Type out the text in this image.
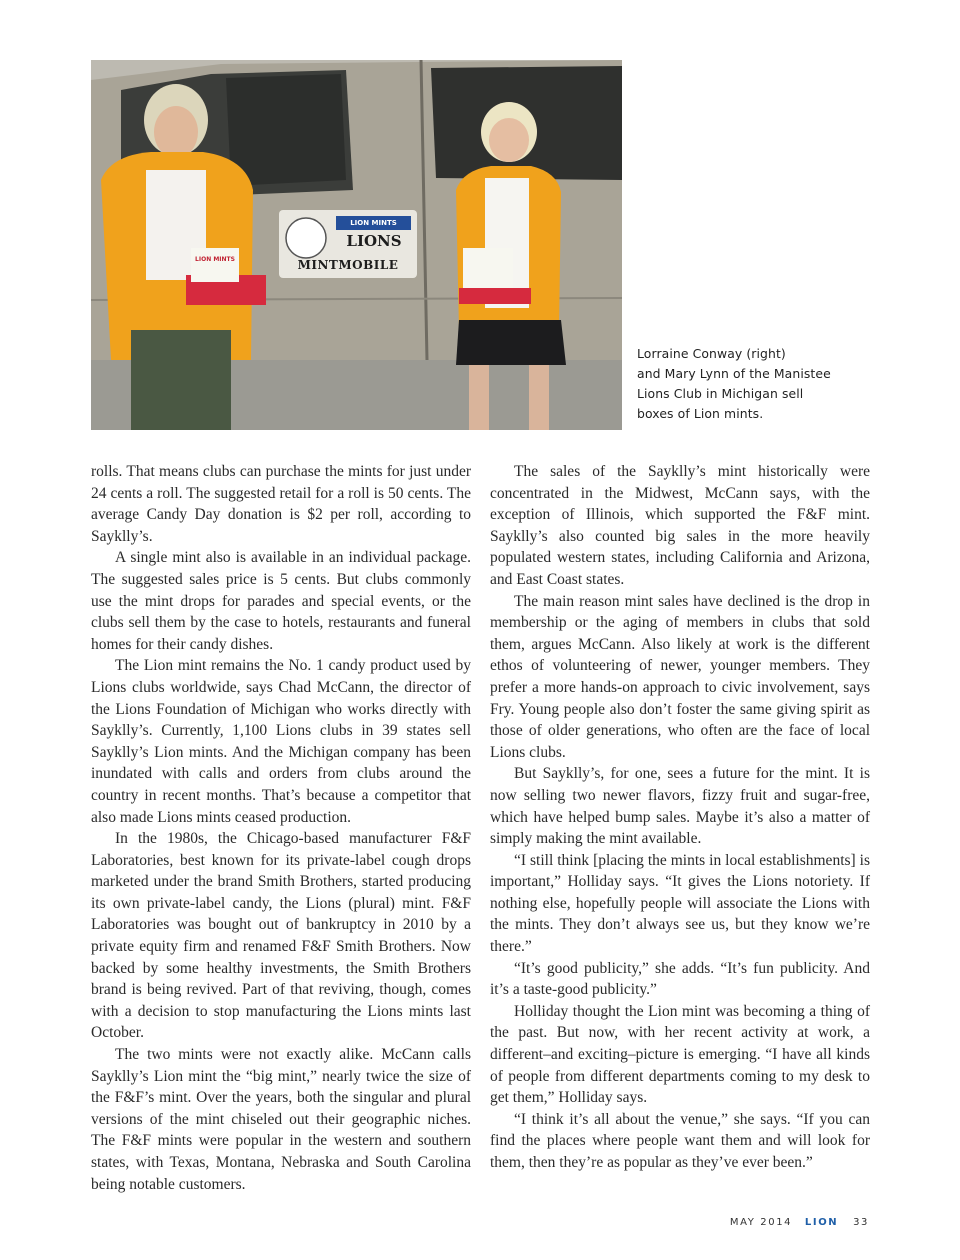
LION MINTS
LIONS
MINTMOBILE
LION MINTS
Lorraine Conway (right)
and Mary Lynn of the Manistee
Lions Club in Michigan sell
boxes of Lion mints.

rolls. That means clubs can purchase the mints for just under 24 cents a roll. The suggested retail for a roll is 50 cents. The average Candy Day donation is $2 per roll, according to Sayklly’s.

A single mint also is available in an individual package. The suggested sales price is 5 cents. But clubs commonly use the mint drops for parades and special events, or the clubs sell them by the case to hotels, restaurants and funeral homes for their candy dishes.

The Lion mint remains the No. 1 candy product used by Lions clubs worldwide, says Chad McCann, the director of the Lions Foundation of Michigan who works directly with Sayklly’s. Currently, 1,100 Lions clubs in 39 states sell Sayklly’s Lion mints. And the Michigan company has been inundated with calls and orders from clubs around the country in recent months. That’s because a competitor that also made Lions mints ceased production.

In the 1980s, the Chicago-based manufacturer F&F Laboratories, best known for its private-label cough drops marketed under the brand Smith Brothers, started producing its own private-label candy, the Lions (plural) mint. F&F Laboratories was bought out of bankruptcy in 2010 by a private equity firm and renamed F&F Smith Brothers. Now backed by some healthy investments, the Smith Brothers brand is being revived. Part of that reviving, though, comes with a decision to stop manufacturing the Lions mints last October.

The two mints were not exactly alike. McCann calls Sayklly’s Lion mint the “big mint,” nearly twice the size of the F&F’s mint. Over the years, both the singular and plural versions of the mint chiseled out their geographic niches. The F&F mints were popular in the western and southern states, with Texas, Montana, Nebraska and South Carolina being notable customers.

The sales of the Sayklly’s mint historically were concentrated in the Midwest, McCann says, with the exception of Illinois, which supported the F&F mint. Sayklly’s also counted big sales in the more heavily populated western states, including California and Arizona, and East Coast states.

The main reason mint sales have declined is the drop in membership or the aging of members in clubs that sold them, argues McCann. Also likely at work is the different ethos of volunteering of newer, younger members. They prefer a more hands-on approach to civic involvement, says Fry. Young people also don’t foster the same giving spirit as those of older generations, who often are the face of local Lions clubs.

But Sayklly’s, for one, sees a future for the mint. It is now selling two newer flavors, fizzy fruit and sugar-free, which have helped bump sales. Maybe it’s also a matter of simply making the mint available.

“I still think [placing the mints in local establishments] is important,” Holliday says. “It gives the Lions notoriety. If nothing else, hopefully people will associate the Lions with the mints. They don’t always see us, but they know we’re there.”

“It’s good publicity,” she adds. “It’s fun publicity. And it’s a taste-good publicity.”

Holliday thought the Lion mint was becoming a thing of the past. But now, with her recent activity at work, a different–and exciting–picture is emerging. “I have all kinds of people from different departments coming to my desk to get them,” Holliday says.

“I think it’s all about the venue,” she says. “If you can find the places where people want them and will look for them, then they’re as popular as they’ve ever been.”

MAY 2014 LION 33
